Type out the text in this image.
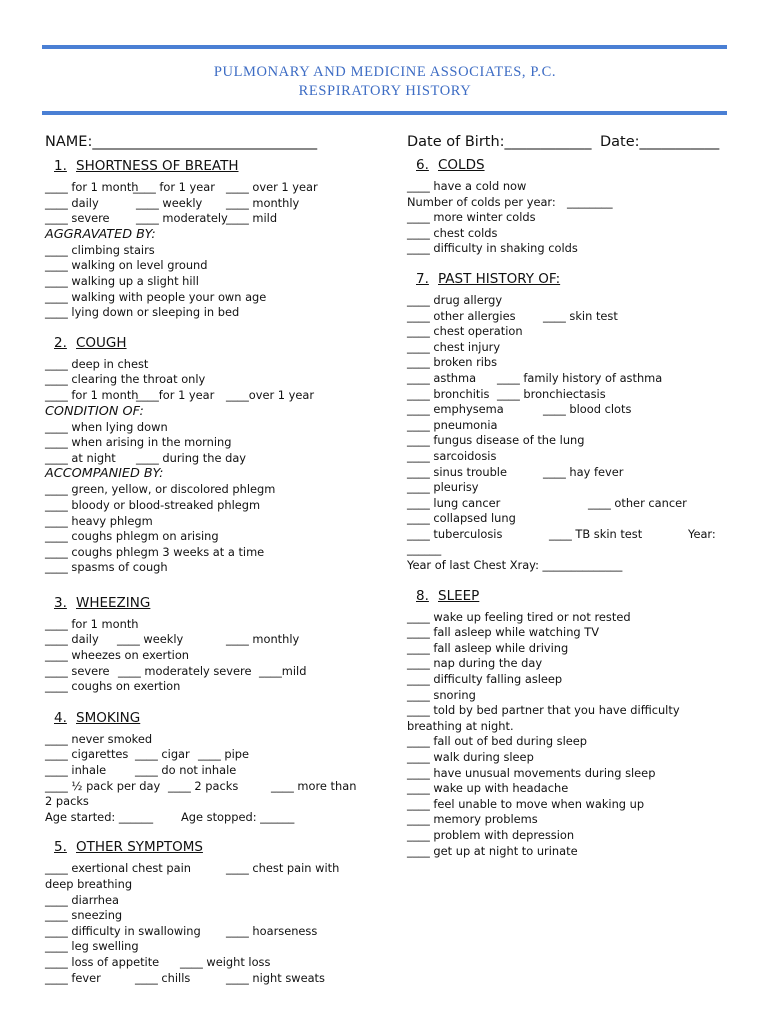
PULMONARY AND MEDICINE ASSOCIATES, P.C.
RESPIRATORY HISTORY
NAME:_______________________________	Date of Birth:____________ Date:___________
1. SHORTNESS OF BREATH
____ for 1 month
____ for 1 year ____ over 1 year
____ daily	____ weekly ____ monthly
____ severe ____ moderately
____ mild
AGGRAVATED BY:
____ climbing stairs
____ walking on level ground
____ walking up a slight hill
____ walking with people your own age
____ lying down or sleeping in bed
2. COUGH
____ deep in chest
____ clearing the throat only
____ for 1 month
____for 1 year ____over 1 year
CONDITION OF:
____ when lying down
____ when arising in the morning
____ at night ____ during the day
ACCOMPANIED BY:
____ green, yellow, or discolored phlegm
____ bloody or blood-streaked phlegm
____ heavy phlegm
____ coughs phlegm on arising
____ coughs phlegm 3 weeks at a time
____ spasms of cough
3. WHEEZING
____ for 1 month
____ daily ____ weekly	____ monthly
____ wheezes on exertion
____ severe ____ moderately severe ____mild
____ coughs on exertion
4. SMOKING
____ never smoked
____ cigarettes ____ cigar ____ pipe
____ inhale	____ do not inhale
____ ½ pack per day ____ 2 packs	____ more than
2 packs
Age started: ______ Age stopped: ______
5. OTHER SYMPTOMS
____ exertional chest pain	____ chest pain with
deep breathing
____ diarrhea
____ sneezing
____ difficulty in swallowing ____ hoarseness
____ leg swelling
____ loss of appetite ____ weight loss
____ fever	____ chills	____ night sweats
6. COLDS
____ have a cold now
Number of colds per year: ________
____ more winter colds
____ chest colds
____ difficulty in shaking colds
7. PAST HISTORY OF:
____ drug allergy
____ other allergies ____ skin test
____ chest operation
____ chest injury
____ broken ribs
____ asthma ____ family history of asthma
____ bronchitis ____ bronchiectasis
____ emphysema	____ blood clots
____ pneumonia
____ fungus disease of the lung
____ sarcoidosis
____ sinus trouble	____ hay fever
____ pleurisy
____ lung cancer	____ other cancer
____ collapsed lung
____ tuberculosis	____ TB skin test	Year:
______
Year of last Chest Xray: ______________
8. SLEEP
____ wake up feeling tired or not rested
____ fall asleep while watching TV
____ fall asleep while driving
____ nap during the day
____ difficulty falling asleep
____ snoring
____ told by bed partner that you have difficulty
breathing at night.
____ fall out of bed during sleep
____ walk during sleep
____ have unusual movements during sleep
____ wake up with headache
____ feel unable to move when waking up
____ memory problems
____ problem with depression
____ get up at night to urinate
